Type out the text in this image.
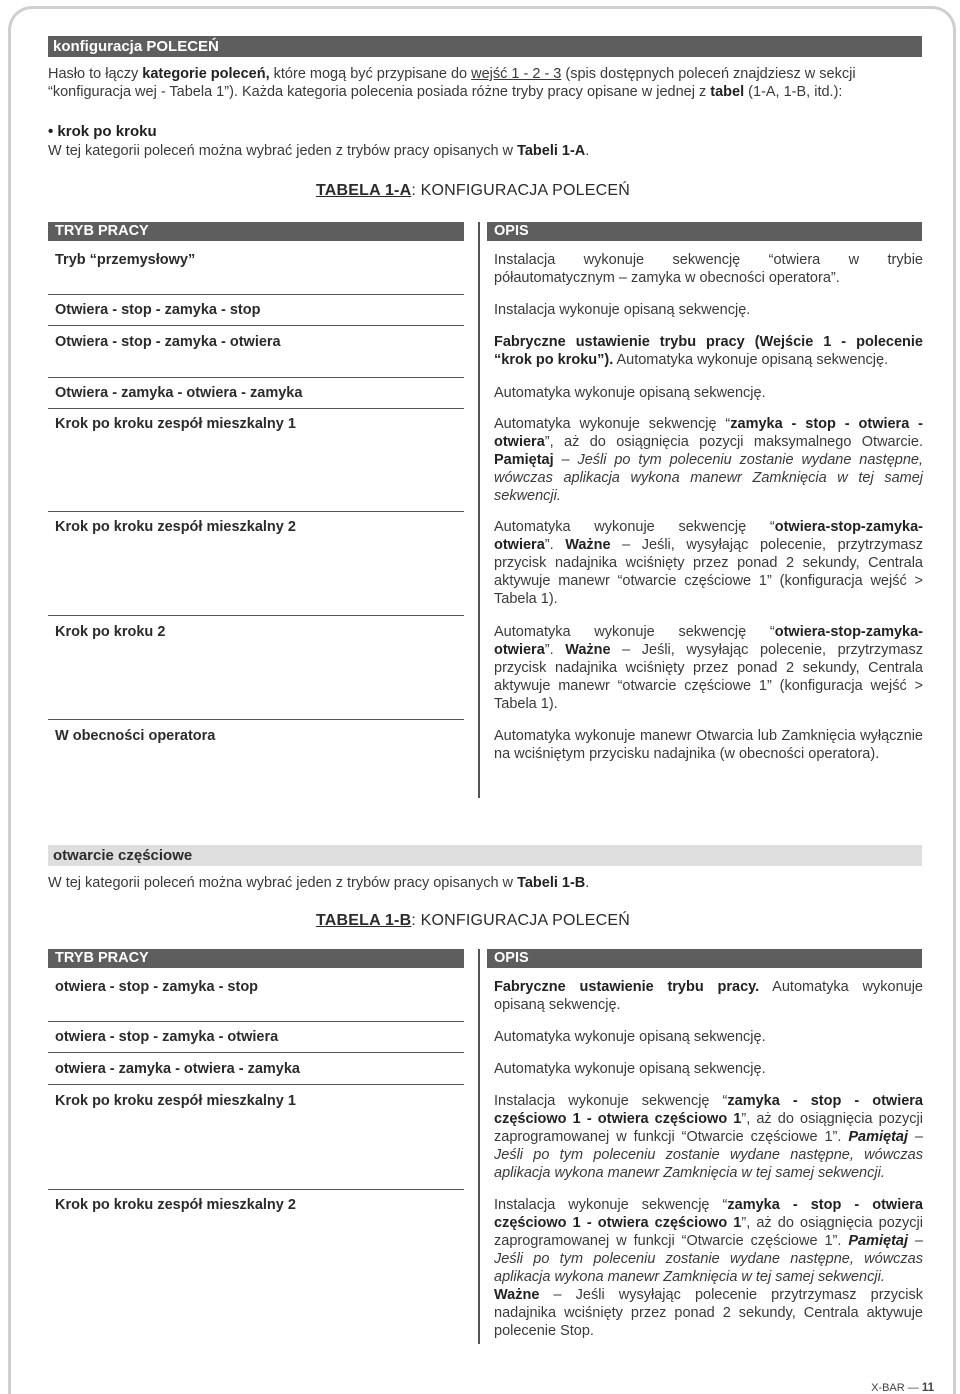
konfiguracja POLECEŃ
Hasło to łączy kategorie poleceń, które mogą być przypisane do wejść 1 - 2 - 3 (spis dostępnych poleceń znajdziesz w sekcji “konfiguracja wej - Tabela 1”). Każda kategoria polecenia posiada różne tryby pracy opisane w jednej z tabel (1-A, 1-B, itd.):
• krok po kroku
W tej kategorii poleceń można wybrać jeden z trybów pracy opisanych w Tabeli 1-A.
TABELA 1-A: KONFIGURACJA POLECEŃ
TRYB PRACY	OPIS
Tryb “przemysłowy”	Instalacja wykonuje sekwencję “otwiera w trybie półautomatycznym – zamyka w obecności operatora”.
Otwiera - stop - zamyka - stop	Instalacja wykonuje opisaną sekwencję.
Otwiera - stop - zamyka - otwiera	Fabryczne ustawienie trybu pracy (Wejście 1 - polecenie “krok po kroku”). Automatyka wykonuje opisaną sekwencję.
Otwiera - zamyka - otwiera - zamyka	Automatyka wykonuje opisaną sekwencję.
Krok po kroku zespół mieszkalny 1	Automatyka wykonuje sekwencję “zamyka - stop - otwiera - otwiera”, aż do osiągnięcia pozycji maksymalnego Otwarcie. Pamiętaj – Jeśli po tym poleceniu zostanie wydane następne, wówczas aplikacja wykona manewr Zamknięcia w tej samej sekwencji.
Krok po kroku zespół mieszkalny 2	Automatyka wykonuje sekwencję “otwiera-stop-zamyka-otwiera”. Ważne – Jeśli, wysyłając polecenie, przytrzymasz przycisk nadajnika wciśnięty przez ponad 2 sekundy, Centrala aktywuje manewr “otwarcie częściowe 1” (konfiguracja wejść > Tabela 1).
Krok po kroku 2	Automatyka wykonuje sekwencję “otwiera-stop-zamyka-otwiera”. Ważne – Jeśli, wysyłając polecenie, przytrzymasz przycisk nadajnika wciśnięty przez ponad 2 sekundy, Centrala aktywuje manewr “otwarcie częściowe 1” (konfiguracja wejść > Tabela 1).
W obecności operatora	Automatyka wykonuje manewr Otwarcia lub Zamknięcia wyłącznie na wciśniętym przycisku nadajnika (w obecności operatora).
otwarcie częściowe
W tej kategorii poleceń można wybrać jeden z trybów pracy opisanych w Tabeli 1-B.
TABELA 1-B: KONFIGURACJA POLECEŃ
TRYB PRACY	OPIS
otwiera - stop - zamyka - stop	Fabryczne ustawienie trybu pracy. Automatyka wykonuje opisaną sekwencję.
otwiera - stop - zamyka - otwiera	Automatyka wykonuje opisaną sekwencję.
otwiera - zamyka - otwiera - zamyka	Automatyka wykonuje opisaną sekwencję.
Krok po kroku zespół mieszkalny 1	Instalacja wykonuje sekwencję “zamyka - stop - otwiera częściowo 1 - otwiera częściowo 1”, aż do osiągnięcia pozycji zaprogramowanej w funkcji “Otwarcie częściowe 1”. Pamiętaj – Jeśli po tym poleceniu zostanie wydane następne, wówczas aplikacja wykona manewr Zamknięcia w tej samej sekwencji.
Krok po kroku zespół mieszkalny 2	Instalacja wykonuje sekwencję “zamyka - stop - otwiera częściowo 1 - otwiera częściowo 1”, aż do osiągnięcia pozycji zaprogramowanej w funkcji “Otwarcie częściowe 1”. Pamiętaj – Jeśli po tym poleceniu zostanie wydane następne, wówczas aplikacja wykona manewr Zamknięcia w tej samej sekwencji.
Ważne – Jeśli wysyłając polecenie przytrzymasz przycisk nadajnika wciśnięty przez ponad 2 sekundy, Centrala aktywuje polecenie Stop.
X-BAR — 11
